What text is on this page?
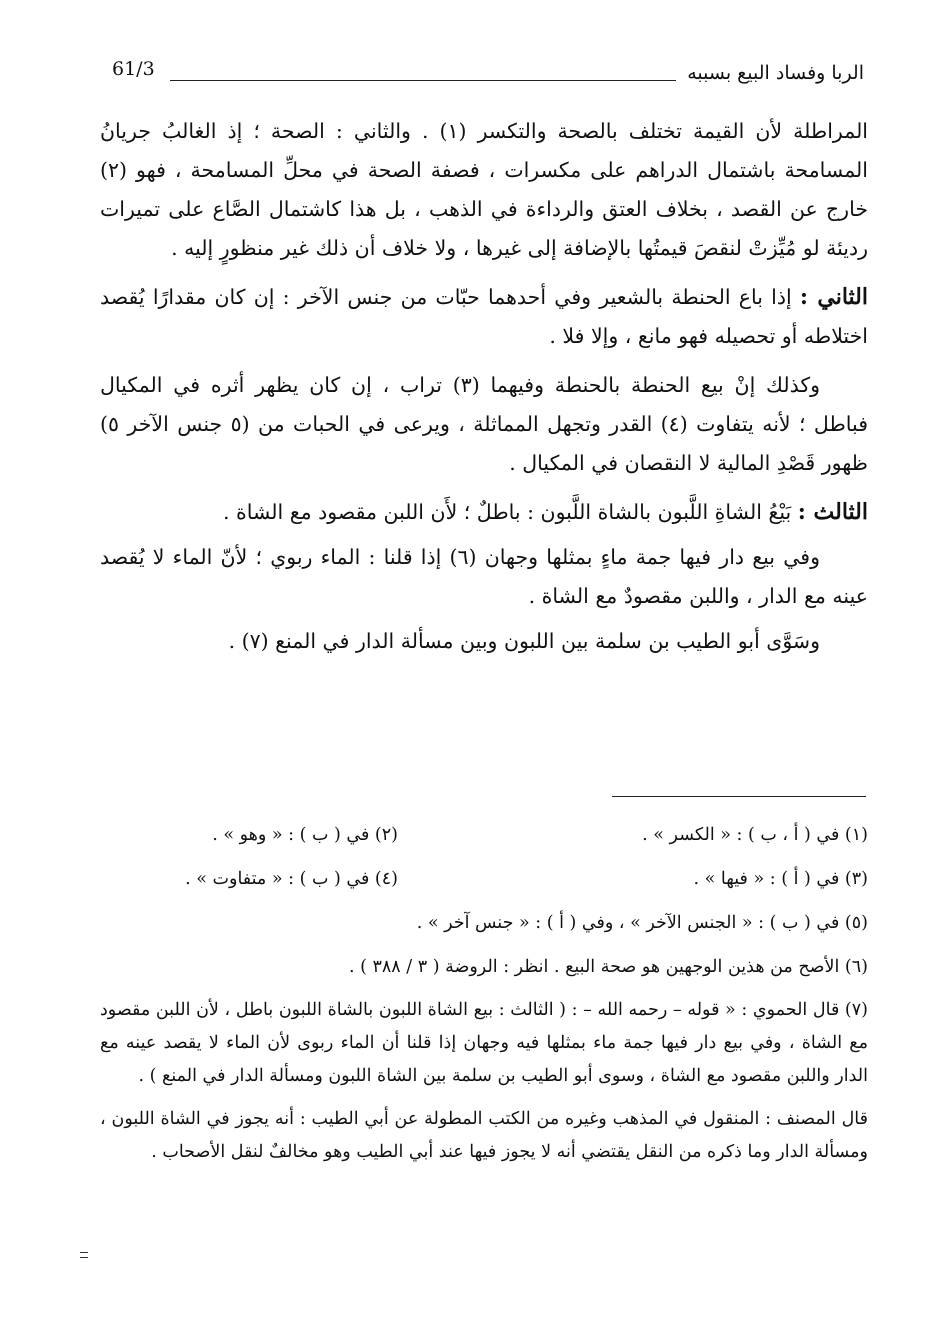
الربا وفساد البيع بسببه
61/3

المراطلة لأن القيمة تختلف بالصحة والتكسر (١) . والثاني : الصحة ؛ إذ الغالبُ جريانُ المسامحة باشتمال الدراهم على مكسرات ، فصفة الصحة في محلِّ المسامحة ، فهو (٢) خارج عن القصد ، بخلاف العتق والرداءة في الذهب ، بل هذا كاشتمال الصَّاع على تميرات رديئة لو مُيِّزتْ لنقصَ قيمتُها بالإضافة إلى غيرها ، ولا خلاف أن ذلك غير منظورٍ إليه .

الثاني : إذا باع الحنطة بالشعير وفي أحدهما حبّات من جنس الآخر : إن كان مقدارًا يُقصد اختلاطه أو تحصيله فهو مانع ، وإلا فلا .

وكذلك إنْ بيع الحنطة بالحنطة وفيهما (٣) تراب ، إن كان يظهر أثره في المكيال فباطل ؛ لأنه يتفاوت (٤) القدر وتجهل المماثلة ، ويرعى في الحبات من (٥ جنس الآخر ٥) ظهور قَصْدِ المالية لا النقصان في المكيال .

الثالث : بَيْعُ الشاةِ اللَّبون بالشاة اللَّبون : باطلٌ ؛ لأَن اللبن مقصود مع الشاة .

وفي بيع دار فيها جمة ماءٍ بمثلها وجهان (٦) إذا قلنا : الماء ربوي ؛ لأنّ الماء لا يُقصد عينه مع الدار ، واللبن مقصودٌ مع الشاة .

وسَوَّى أبو الطيب بن سلمة بين اللبون وبين مسألة الدار في المنع (٧) .

(١) في ( أ ، ب ) : « الكسر » .
(٢) في ( ب ) : « وهو » .
(٣) في ( أ ) : « فيها » .
(٤) في ( ب ) : « متفاوت » .

(٥) في ( ب ) : « الجنس الآخر » ، وفي ( أ ) : « جنس آخر » .

(٦) الأصح من هذين الوجهين هو صحة البيع . انظر : الروضة ( ٣ / ٣٨٨ ) .

(٧) قال الحموي : « قوله – رحمه الله – : ( الثالث : بيع الشاة اللبون بالشاة اللبون باطل ، لأن اللبن مقصود مع الشاة ، وفي بيع دار فيها جمة ماء بمثلها فيه وجهان إذا قلنا أن الماء ربوى لأن الماء لا يقصد عينه مع الدار واللبن مقصود مع الشاة ، وسوى أبو الطيب بن سلمة بين الشاة اللبون ومسألة الدار في المنع ) .

قال المصنف : المنقول في المذهب وغيره من الكتب المطولة عن أبي الطيب : أنه يجوز في الشاة اللبون ، ومسألة الدار وما ذكره من النقل يقتضي أنه لا يجوز فيها عند أبي الطيب وهو مخالفٌ لنقل الأصحاب .
